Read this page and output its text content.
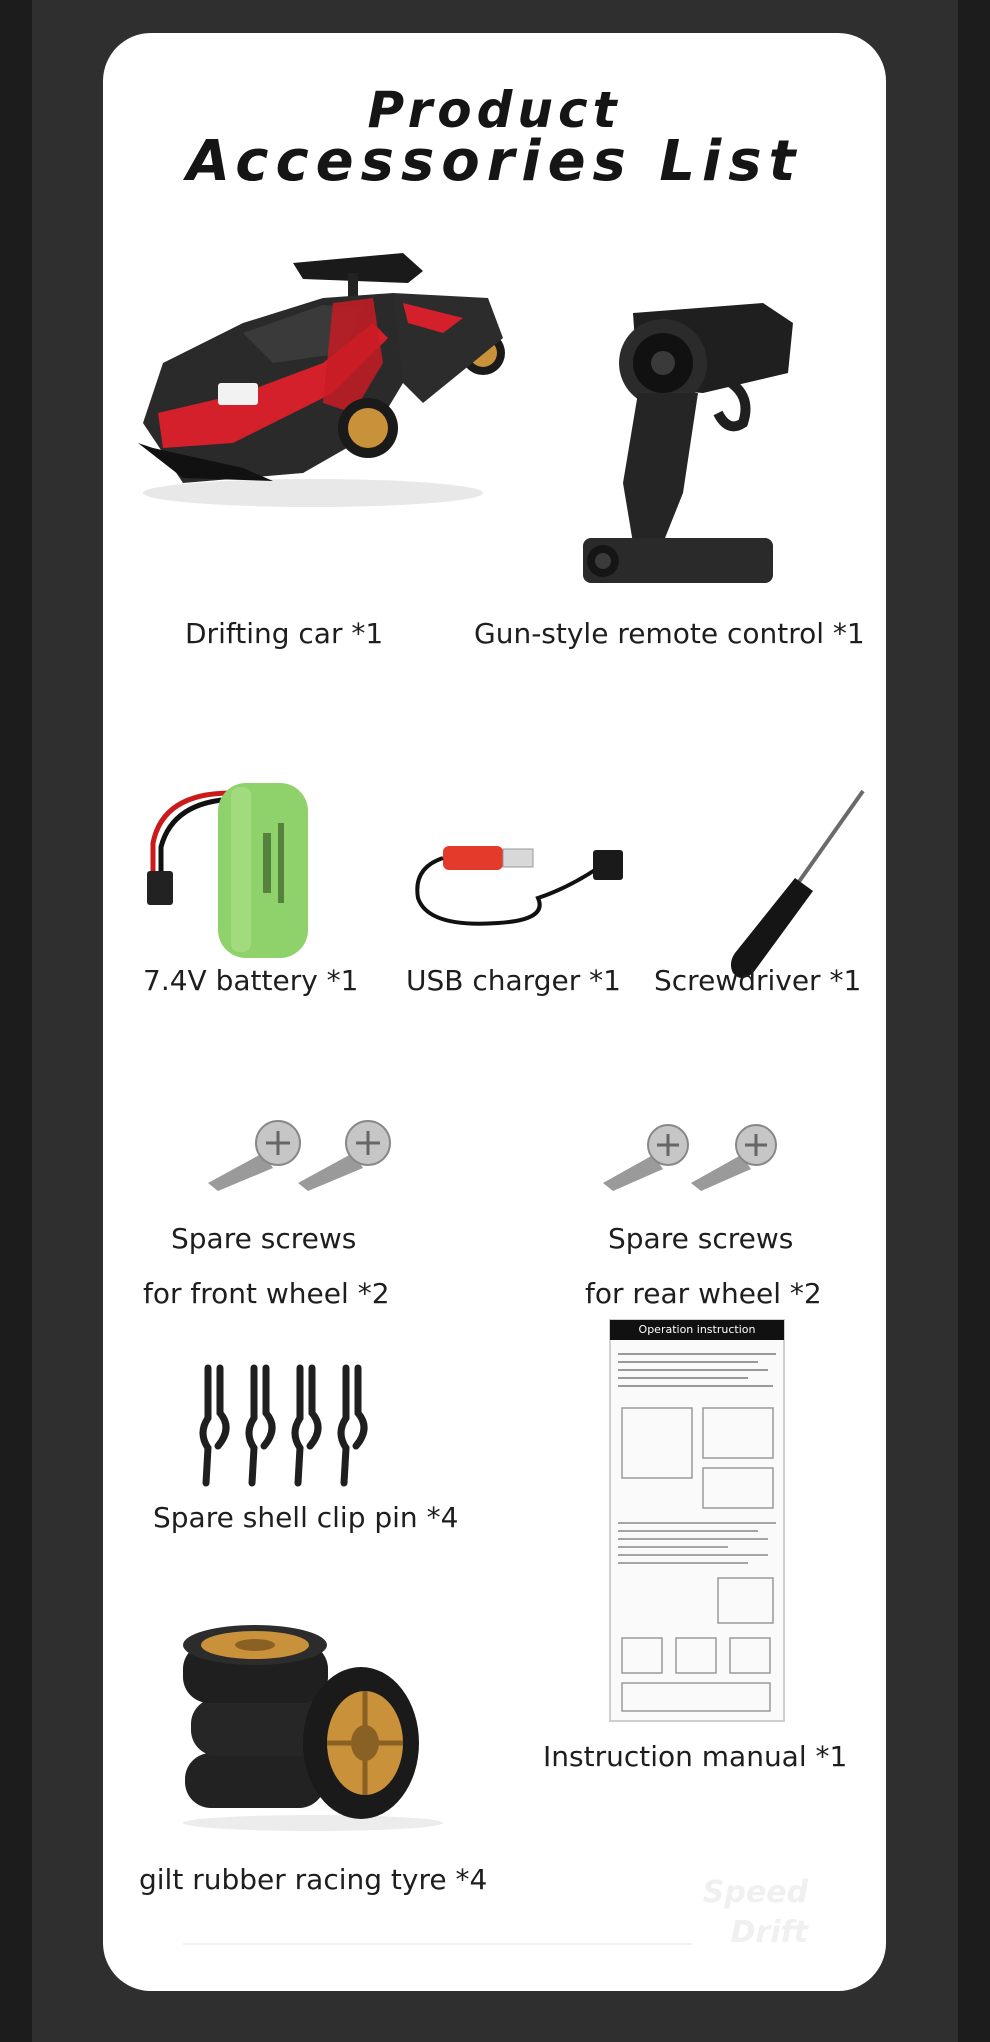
Product
Accessories List
Drifting car *1	Gun-style remote control *1
7.4V battery *1 USB charger *1 Screwdriver *1
Spare screws
for front wheel *2
Spare screws
for rear wheel *2
Spare shell clip pin *4
Operation instruction
Instruction manual *1
gilt rubber racing tyre *4	Speed
Drift
